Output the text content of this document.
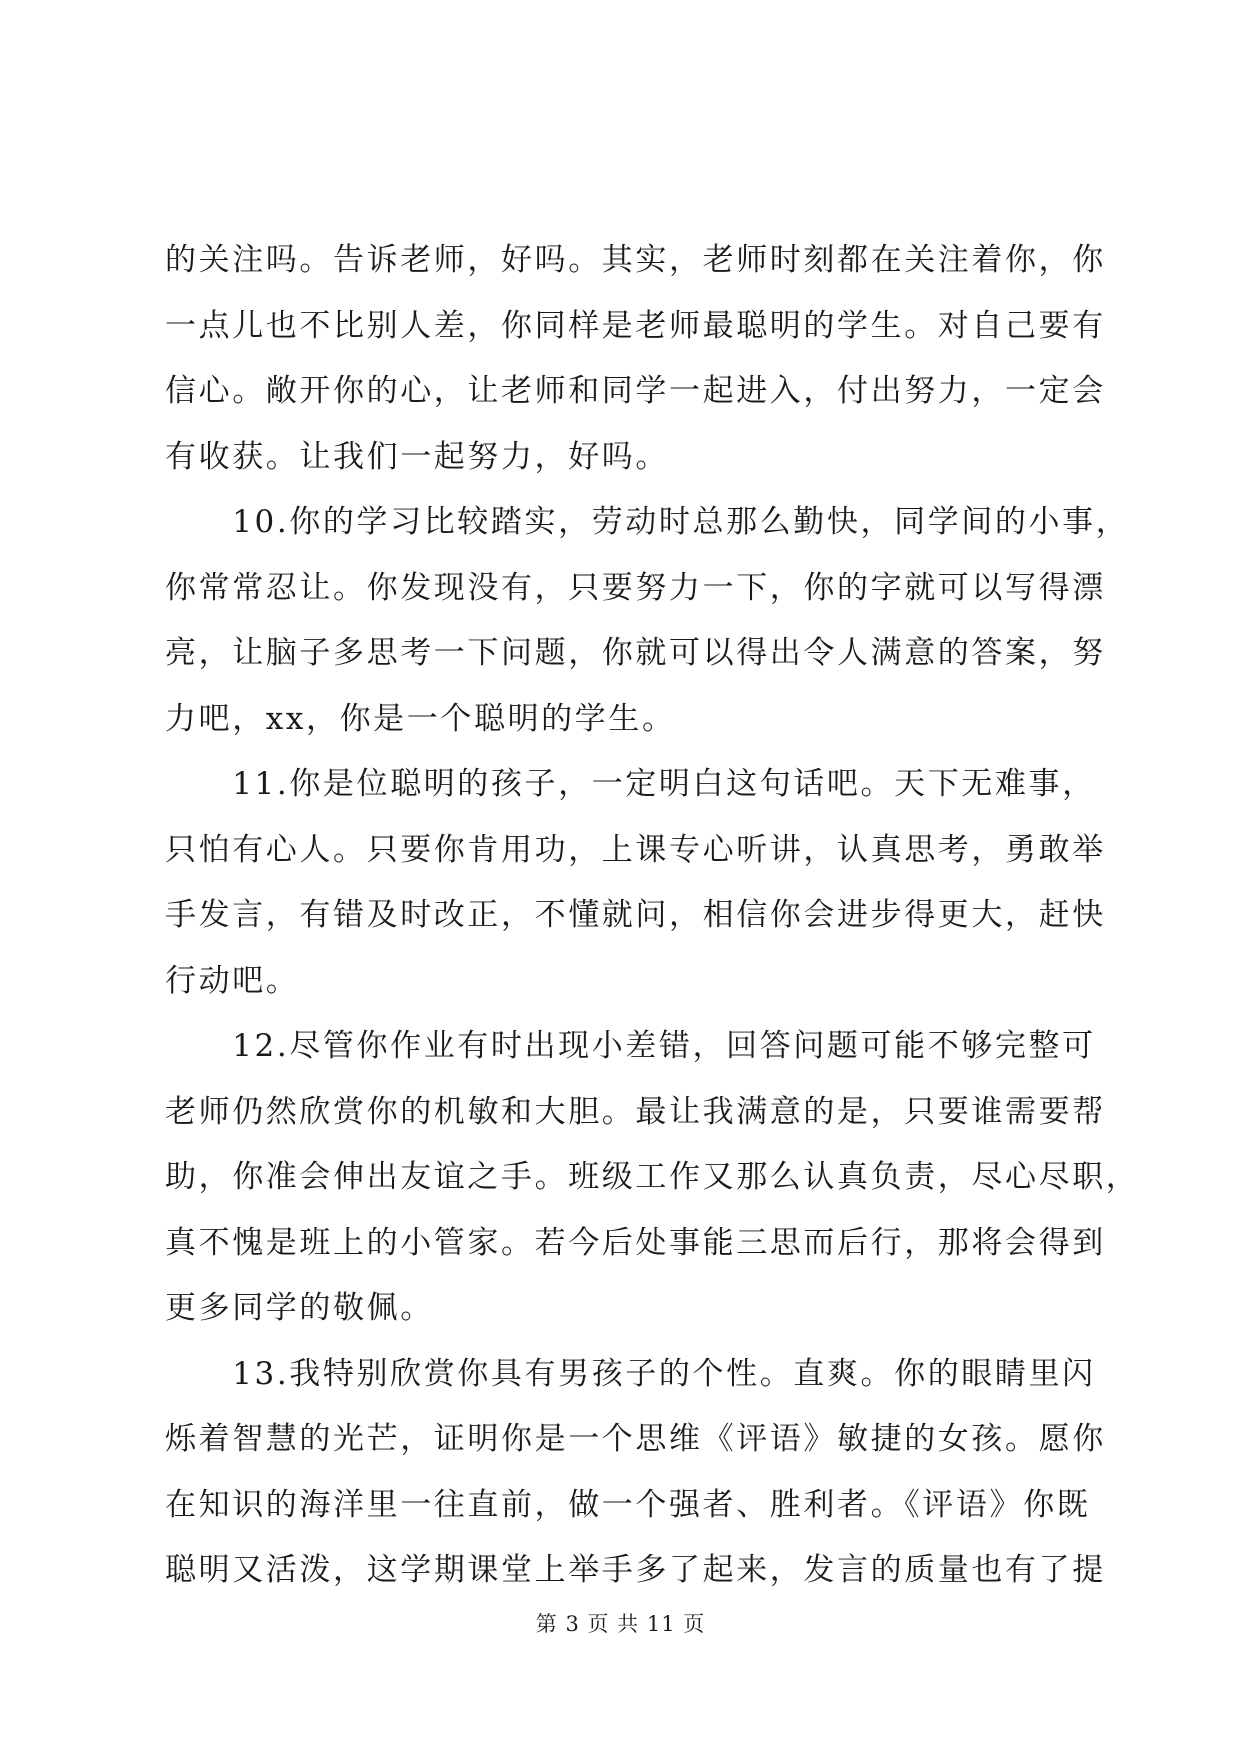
的关注吗。告诉老师，好吗。其实，老师时刻都在关注着你，你
一点儿也不比别人差，你同样是老师最聪明的学生。对自己要有
信心。敞开你的心，让老师和同学一起进入，付出努力，一定会
有收获。让我们一起努力，好吗。
　　10.你的学习比较踏实，劳动时总那么勤快，同学间的小事，
你常常忍让。你发现没有，只要努力一下，你的字就可以写得漂
亮，让脑子多思考一下问题，你就可以得出令人满意的答案，努
力吧，xx，你是一个聪明的学生。
　　11.你是位聪明的孩子，一定明白这句话吧。天下无难事，
只怕有心人。只要你肯用功，上课专心听讲，认真思考，勇敢举
手发言，有错及时改正，不懂就问，相信你会进步得更大，赶快
行动吧。
　　12.尽管你作业有时出现小差错，回答问题可能不够完整可
老师仍然欣赏你的机敏和大胆。最让我满意的是，只要谁需要帮
助，你准会伸出友谊之手。班级工作又那么认真负责，尽心尽职，
真不愧是班上的小管家。若今后处事能三思而后行，那将会得到
更多同学的敬佩。
　　13.我特别欣赏你具有男孩子的个性。直爽。你的眼睛里闪
烁着智慧的光芒，证明你是一个思维《评语》敏捷的女孩。愿你
在知识的海洋里一往直前，做一个强者、胜利者。《评语》你既
聪明又活泼，这学期课堂上举手多了起来，发言的质量也有了提
第 3 页 共 11 页
